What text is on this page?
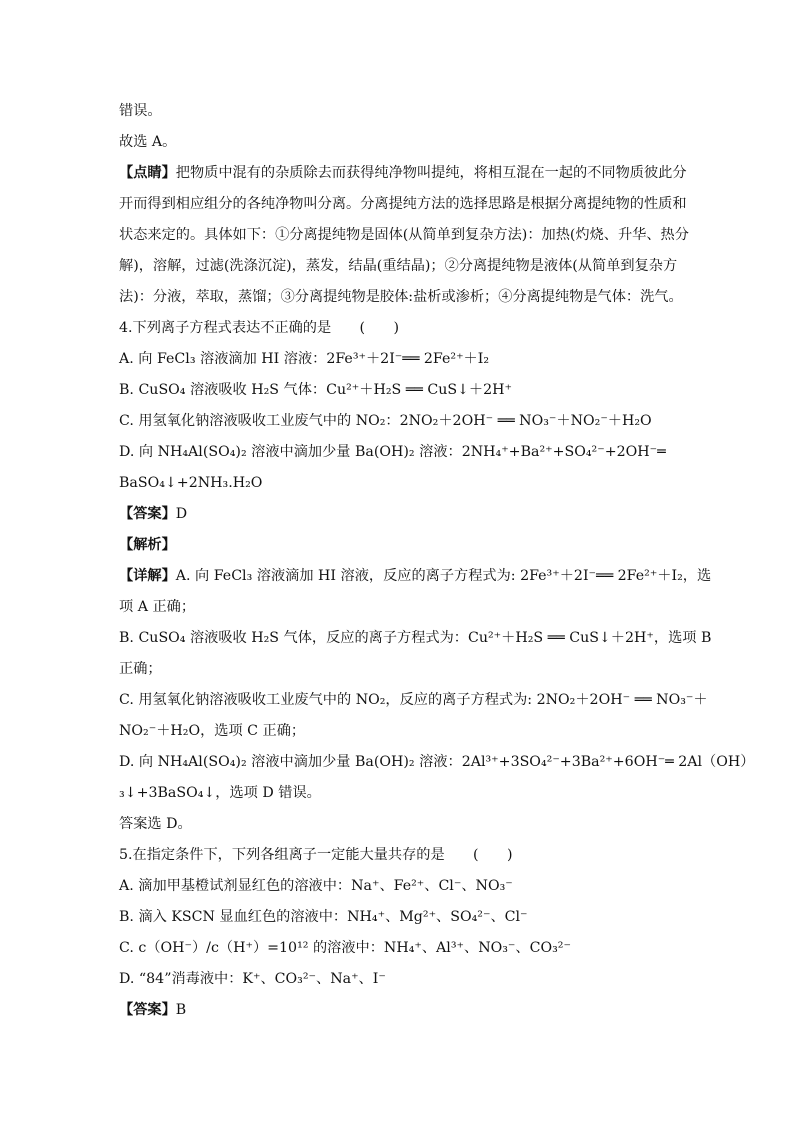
错误。
故选 A。
【点睛】把物质中混有的杂质除去而获得纯净物叫提纯，将相互混在一起的不同物质彼此分
开而得到相应组分的各纯净物叫分离。分离提纯方法的选择思路是根据分离提纯物的性质和
状态来定的。具体如下：①分离提纯物是固体(从简单到复杂方法)：加热(灼烧、升华、热分
解)，溶解，过滤(洗涤沉淀)，蒸发，结晶(重结晶)；②分离提纯物是液体(从简单到复杂方
法)：分液，萃取，蒸馏；③分离提纯物是胶体:盐析或渗析；④分离提纯物是气体：洗气。
4.下列离子方程式表达不正确的是　　(　　)
A. 向 FeCl₃ 溶液滴加 HI 溶液：2Fe³⁺＋2I⁻══ 2Fe²⁺＋I₂
B. CuSO₄ 溶液吸收 H₂S 气体：Cu²⁺＋H₂S ══ CuS↓＋2H⁺
C. 用氢氧化钠溶液吸收工业废气中的 NO₂：2NO₂＋2OH⁻ ══ NO₃⁻＋NO₂⁻＋H₂O
D. 向 NH₄Al(SO₄)₂ 溶液中滴加少量 Ba(OH)₂ 溶液：2NH₄⁺+Ba²⁺+SO₄²⁻+2OH⁻═
BaSO₄↓+2NH₃.H₂O
【答案】D
【解析】
【详解】A. 向 FeCl₃ 溶液滴加 HI 溶液，反应的离子方程式为: 2Fe³⁺＋2I⁻══ 2Fe²⁺＋I₂，选
项 A 正确；
B. CuSO₄ 溶液吸收 H₂S 气体，反应的离子方程式为：Cu²⁺＋H₂S ══ CuS↓＋2H⁺，选项 B
正确；
C. 用氢氧化钠溶液吸收工业废气中的 NO₂，反应的离子方程式为: 2NO₂＋2OH⁻ ══ NO₃⁻＋
NO₂⁻＋H₂O，选项 C 正确；
D. 向 NH₄Al(SO₄)₂ 溶液中滴加少量 Ba(OH)₂ 溶液：2Al³⁺+3SO₄²⁻+3Ba²⁺+6OH⁻═ 2Al（OH）
₃↓+3BaSO₄↓，选项 D 错误。
答案选 D。
5.在指定条件下，下列各组离子一定能大量共存的是　　(　　)
A. 滴加甲基橙试剂显红色的溶液中：Na⁺、Fe²⁺、Cl⁻、NO₃⁻
B. 滴入 KSCN 显血红色的溶液中：NH₄⁺、Mg²⁺、SO₄²⁻、Cl⁻
C. c（OH⁻）/c（H⁺）=10¹² 的溶液中：NH₄⁺、Al³⁺、NO₃⁻、CO₃²⁻
D. “84”消毒液中：K⁺、CO₃²⁻、Na⁺、I⁻
【答案】B
